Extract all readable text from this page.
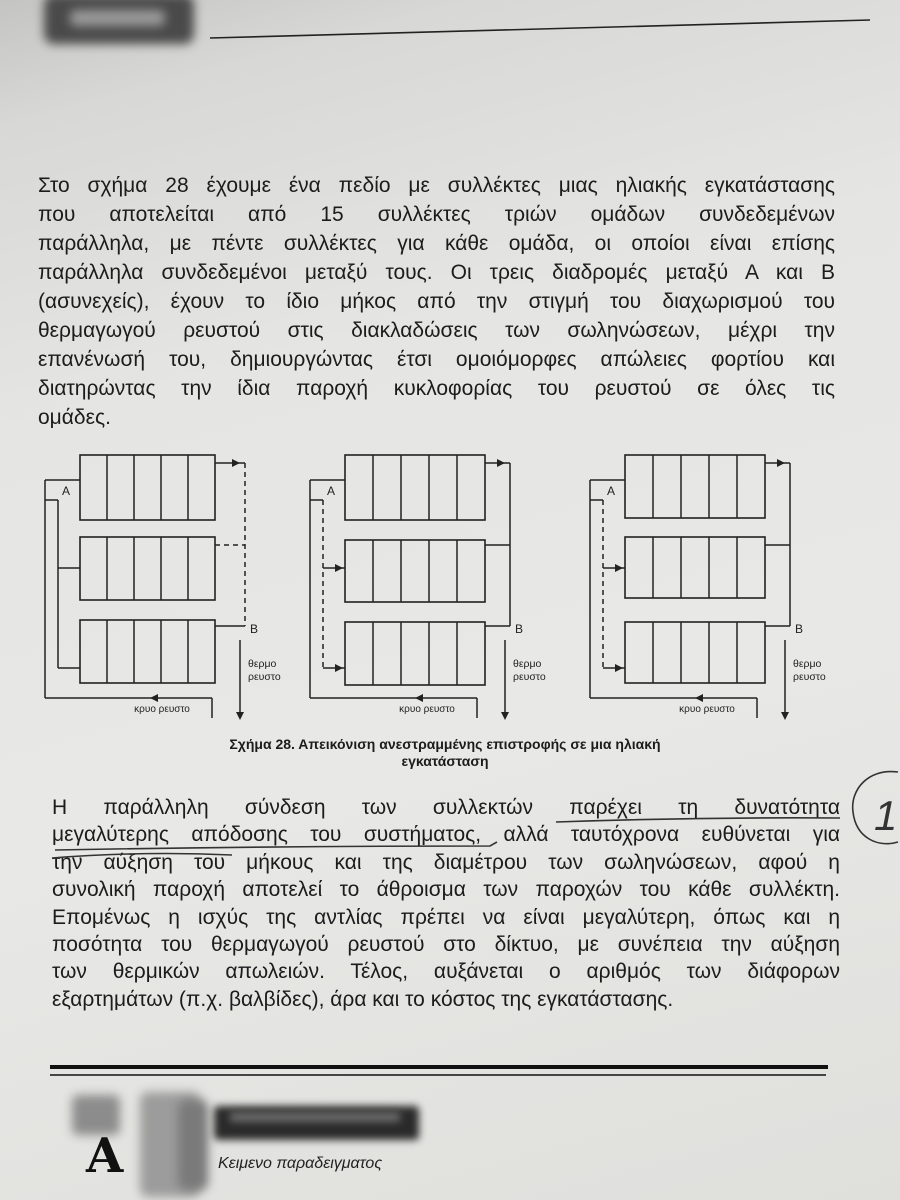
Στο σχήμα 28 έχουμε ένα πεδίο με συλλέκτες μιας ηλιακής εγκατάστασης
που αποτελείται από 15 συλλέκτες τριών ομάδων συνδεδεμένων
παράλληλα, με πέντε συλλέκτες για κάθε ομάδα, οι οποίοι είναι επίσης
παράλληλα συνδεδεμένοι μεταξύ τους. Οι τρεις διαδρομές μεταξύ Α και Β
(ασυνεχείς), έχουν το ίδιο μήκος από την στιγμή του διαχωρισμού του
θερμαγωγού ρευστού στις διακλαδώσεις των σωληνώσεων, μέχρι την
επανένωσή του, δημιουργώντας έτσι ομοιόμορφες απώλειες φορτίου και
διατηρώντας την ίδια παροχή κυκλοφορίας του ρευστού σε όλες τις
ομάδες.
A
B
θερμο
ρευστο
κρυο ρευστο
A
B
θερμο
ρευστο
κρυο ρευστο
A
B
θερμο
ρευστο
κρυο ρευστο
Σχήμα 28. Απεικόνιση ανεστραμμένης επιστροφής σε μια ηλιακή
εγκατάσταση
Η παράλληλη σύνδεση των συλλεκτών παρέχει τη δυνατότητα
μεγαλύτερης απόδοσης του συστήματος, αλλά ταυτόχρονα ευθύνεται για
την αύξηση του μήκους και της διαμέτρου των σωληνώσεων, αφού η
συνολική παροχή αποτελεί το άθροισμα των παροχών του κάθε συλλέκτη.
Επομένως η ισχύς της αντλίας πρέπει να είναι μεγαλύτερη, όπως και η
ποσότητα του θερμαγωγού ρευστού στο δίκτυο, με συνέπεια την αύξηση
των θερμικών απωλειών. Τέλος, αυξάνεται ο αριθμός των διάφορων
εξαρτημάτων (π.χ. βαλβίδες), άρα και το κόστος της εγκατάστασης.
1
A	Κειμενο παραδειγματος
